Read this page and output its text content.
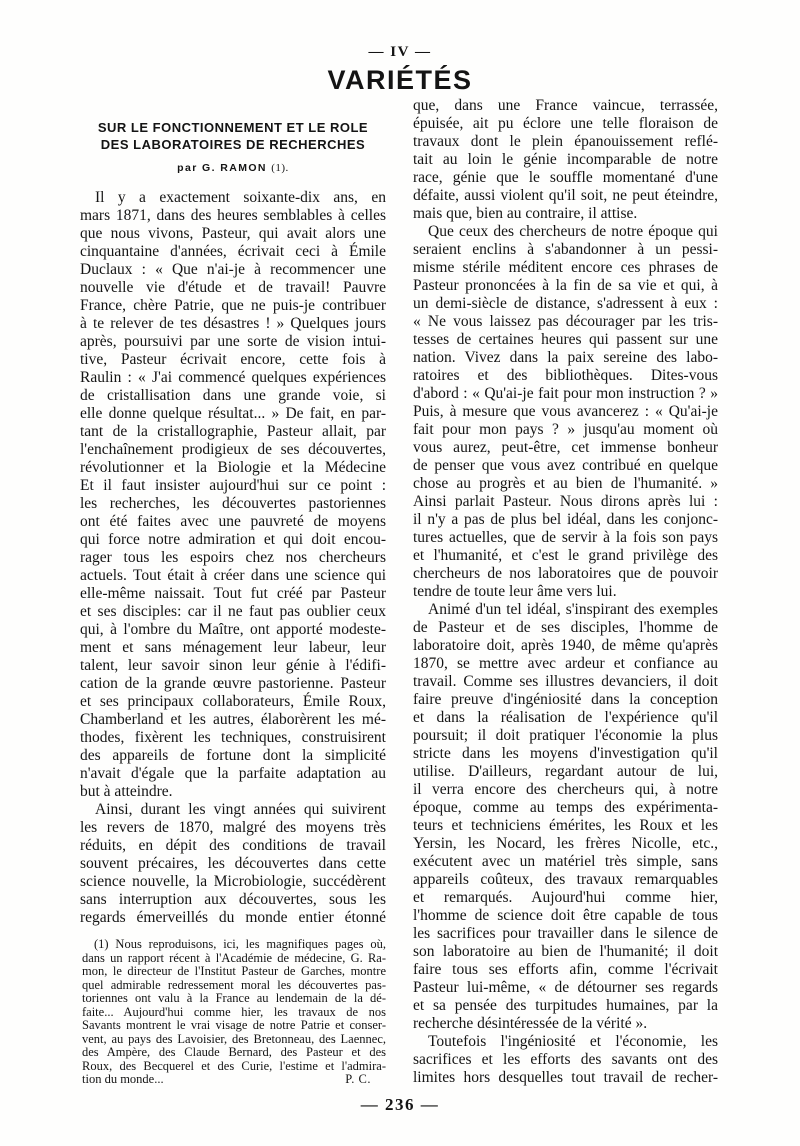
— IV —
VARIÉTÉS
SUR LE FONCTIONNEMENT ET LE ROLE
DES LABORATOIRES DE RECHERCHES
par G. RAMON (1).
Il y a exactement soixante-dix ans, en
mars 1871, dans des heures semblables à celles
que nous vivons, Pasteur, qui avait alors une
cinquantaine d'années, écrivait ceci à Émile
Duclaux : « Que n'ai-je à recommencer une
nouvelle vie d'étude et de travail! Pauvre
France, chère Patrie, que ne puis-je contribuer
à te relever de tes désastres ! » Quelques jours
après, poursuivi par une sorte de vision intui-
tive, Pasteur écrivait encore, cette fois à
Raulin : « J'ai commencé quelques expériences
de cristallisation dans une grande voie, si
elle donne quelque résultat... » De fait, en par-
tant de la cristallographie, Pasteur allait, par
l'enchaînement prodigieux de ses découvertes,
révolutionner et la Biologie et la Médecine
Et il faut insister aujourd'hui sur ce point :
les recherches, les découvertes pastoriennes
ont été faites avec une pauvreté de moyens
qui force notre admiration et qui doit encou-
rager tous les espoirs chez nos chercheurs
actuels. Tout était à créer dans une science qui
elle-même naissait. Tout fut créé par Pasteur
et ses disciples: car il ne faut pas oublier ceux
qui, à l'ombre du Maître, ont apporté modeste-
ment et sans ménagement leur labeur, leur
talent, leur savoir sinon leur génie à l'édifi-
cation de la grande œuvre pastorienne. Pasteur
et ses principaux collaborateurs, Émile Roux,
Chamberland et les autres, élaborèrent les mé-
thodes, fixèrent les techniques, construisirent
des appareils de fortune dont la simplicité
n'avait d'égale que la parfaite adaptation au
but à atteindre.
Ainsi, durant les vingt années qui suivirent
les revers de 1870, malgré des moyens très
réduits, en dépit des conditions de travail
souvent précaires, les découvertes dans cette
science nouvelle, la Microbiologie, succédèrent
sans interruption aux découvertes, sous les
regards émerveillés du monde entier étonné
que, dans une France vaincue, terrassée,
épuisée, ait pu éclore une telle floraison de
travaux dont le plein épanouissement reflé-
tait au loin le génie incomparable de notre
race, génie que le souffle momentané d'une
défaite, aussi violent qu'il soit, ne peut éteindre,
mais que, bien au contraire, il attise.
Que ceux des chercheurs de notre époque qui
seraient enclins à s'abandonner à un pessi-
misme stérile méditent encore ces phrases de
Pasteur prononcées à la fin de sa vie et qui, à
un demi-siècle de distance, s'adressent à eux :
« Ne vous laissez pas décourager par les tris-
tesses de certaines heures qui passent sur une
nation. Vivez dans la paix sereine des labo-
ratoires et des bibliothèques. Dites-vous
d'abord : « Qu'ai-je fait pour mon instruction ? »
Puis, à mesure que vous avancerez : « Qu'ai-je
fait pour mon pays ? » jusqu'au moment où
vous aurez, peut-être, cet immense bonheur
de penser que vous avez contribué en quelque
chose au progrès et au bien de l'humanité. »
Ainsi parlait Pasteur. Nous dirons après lui :
il n'y a pas de plus bel idéal, dans les conjonc-
tures actuelles, que de servir à la fois son pays
et l'humanité, et c'est le grand privilège des
chercheurs de nos laboratoires que de pouvoir
tendre de toute leur âme vers lui.
Animé d'un tel idéal, s'inspirant des exemples
de Pasteur et de ses disciples, l'homme de
laboratoire doit, après 1940, de même qu'après
1870, se mettre avec ardeur et confiance au
travail. Comme ses illustres devanciers, il doit
faire preuve d'ingéniosité dans la conception
et dans la réalisation de l'expérience qu'il
poursuit; il doit pratiquer l'économie la plus
stricte dans les moyens d'investigation qu'il
utilise. D'ailleurs, regardant autour de lui,
il verra encore des chercheurs qui, à notre
époque, comme au temps des expérimenta-
teurs et techniciens émérites, les Roux et les
Yersin, les Nocard, les frères Nicolle, etc.,
exécutent avec un matériel très simple, sans
appareils coûteux, des travaux remarquables
et remarqués. Aujourd'hui comme hier,
l'homme de science doit être capable de tous
les sacrifices pour travailler dans le silence de
son laboratoire au bien de l'humanité; il doit
faire tous ses efforts afin, comme l'écrivait
Pasteur lui-même, « de détourner ses regards
et sa pensée des turpitudes humaines, par la
recherche désintéressée de la vérité ».
Toutefois l'ingéniosité et l'économie, les
sacrifices et les efforts des savants ont des
limites hors desquelles tout travail de recher-
(1) Nous reproduisons, ici, les magnifiques pages où,
dans un rapport récent à l'Académie de médecine, G. Ra-
mon, le directeur de l'Institut Pasteur de Garches, montre
quel admirable redressement moral les découvertes pas-
toriennes ont valu à la France au lendemain de la dé-
faite... Aujourd'hui comme hier, les travaux de nos
Savants montrent le vrai visage de notre Patrie et conser-
vent, au pays des Lavoisier, des Bretonneau, des Laennec,
des Ampère, des Claude Bernard, des Pasteur et des
Roux, des Becquerel et des Curie, l'estime et l'admira-
tion du monde...	P. C.
— 236 —
